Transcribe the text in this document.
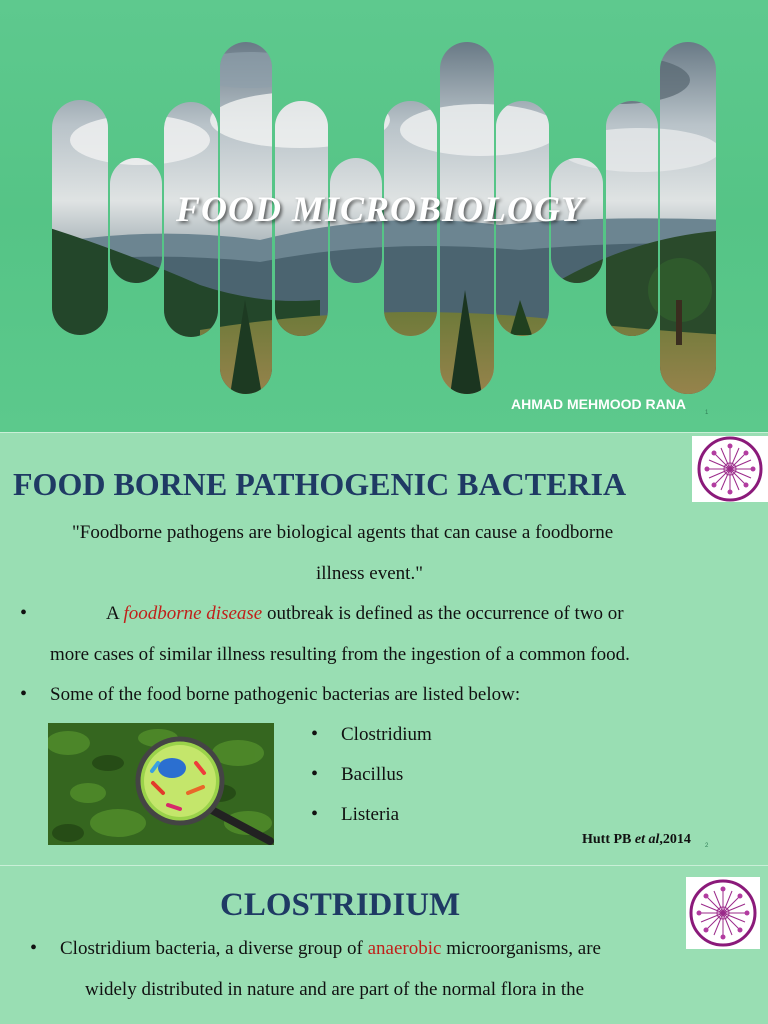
FOOD MICROBIOLOGY
AHMAD MEHMOOD RANA
1
FOOD BORNE PATHOGENIC BACTERIA
"Foodborne pathogens are biological agents that can cause a foodborne
illness event."
•	A foodborne disease outbreak is defined as the occurrence of two or
more cases of similar illness resulting from the ingestion of a common food.
• Some of the food borne pathogenic bacterias are listed below:
• Clostridium
• Bacillus
• Listeria
Hutt PB et al,2014 2
CLOSTRIDIUM
• Clostridium bacteria, a diverse group of anaerobic microorganisms, are
widely distributed in nature and are part of the normal flora in the
